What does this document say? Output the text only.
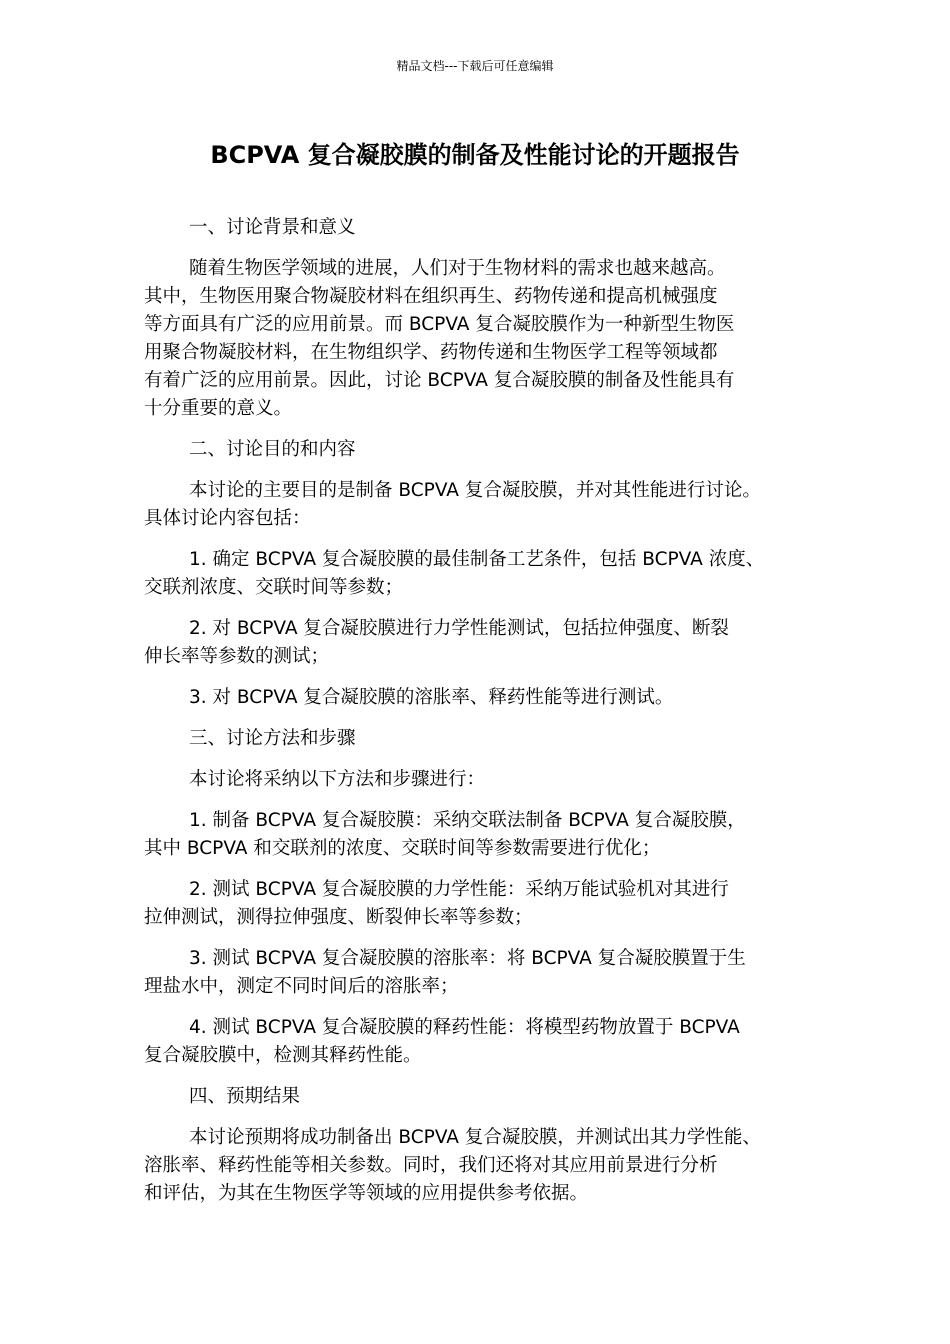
精品文档---下载后可任意编辑
BCPVA 复合凝胶膜的制备及性能讨论的开题报告

一、讨论背景和意义

随着生物医学领域的进展，人们对于生物材料的需求也越来越高。
其中，生物医用聚合物凝胶材料在组织再生、药物传递和提高机械强度
等方面具有广泛的应用前景。而 BCPVA 复合凝胶膜作为一种新型生物医
用聚合物凝胶材料，在生物组织学、药物传递和生物医学工程等领域都
有着广泛的应用前景。因此，讨论 BCPVA 复合凝胶膜的制备及性能具有
十分重要的意义。

二、讨论目的和内容

本讨论的主要目的是制备 BCPVA 复合凝胶膜，并对其性能进行讨论。
具体讨论内容包括：

1. 确定 BCPVA 复合凝胶膜的最佳制备工艺条件，包括 BCPVA 浓度、
交联剂浓度、交联时间等参数；

2. 对 BCPVA 复合凝胶膜进行力学性能测试，包括拉伸强度、断裂
伸长率等参数的测试；

3. 对 BCPVA 复合凝胶膜的溶胀率、释药性能等进行测试。

三、讨论方法和步骤

本讨论将采纳以下方法和步骤进行：

1. 制备 BCPVA 复合凝胶膜：采纳交联法制备 BCPVA 复合凝胶膜，
其中 BCPVA 和交联剂的浓度、交联时间等参数需要进行优化；

2. 测试 BCPVA 复合凝胶膜的力学性能：采纳万能试验机对其进行
拉伸测试，测得拉伸强度、断裂伸长率等参数；

3. 测试 BCPVA 复合凝胶膜的溶胀率：将 BCPVA 复合凝胶膜置于生
理盐水中，测定不同时间后的溶胀率；

4. 测试 BCPVA 复合凝胶膜的释药性能：将模型药物放置于 BCPVA
复合凝胶膜中，检测其释药性能。

四、预期结果

本讨论预期将成功制备出 BCPVA 复合凝胶膜，并测试出其力学性能、
溶胀率、释药性能等相关参数。同时，我们还将对其应用前景进行分析
和评估，为其在生物医学等领域的应用提供参考依据。
